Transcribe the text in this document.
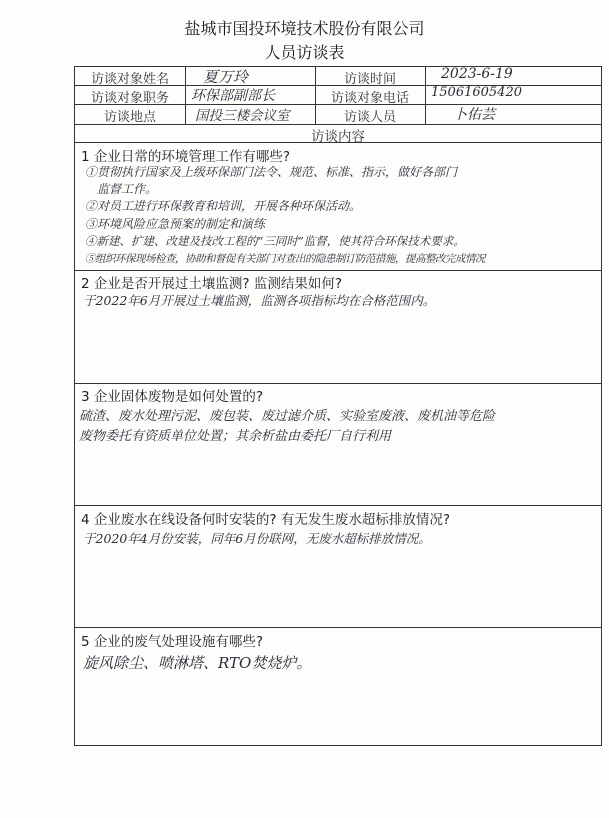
盐城市国投环境技术股份有限公司
人员访谈表
访谈对象姓名	夏万玲	访谈时间	2023-6-19
访谈对象职务	环保部副部长	访谈对象电话	15061605420
访谈地点	国投三楼会议室	访谈人员	卜佑芸
访谈内容
1 企业日常的环境管理工作有哪些?
①贯彻执行国家及上级环保部门法令、规范、标准、指示，做好各部门
监督工作。
②对员工进行环保教育和培训，开展各种环保活动。
③环境风险应急预案的制定和演练
④新建、扩建、改建及技改工程的“三同时”监督，使其符合环保技术要求。
⑤组织环保现场检查，协助和督促有关部门对查出的隐患制订防范措施，提高整改完成情况
2 企业是否开展过土壤监测? 监测结果如何?
于2022年6月开展过土壤监测，监测各项指标均在合格范围内。
3 企业固体废物是如何处置的?
硫渣、废水处理污泥、废包装、废过滤介质、实验室废液、废机油等危险
废物委托有资质单位处置；其余析盐由委托厂自行利用
4 企业废水在线设备何时安装的? 有无发生废水超标排放情况?
于2020年4月份安装，同年6月份联网，无废水超标排放情况。
5 企业的废气处理设施有哪些?
旋风除尘、喷淋塔、RTO焚烧炉。
